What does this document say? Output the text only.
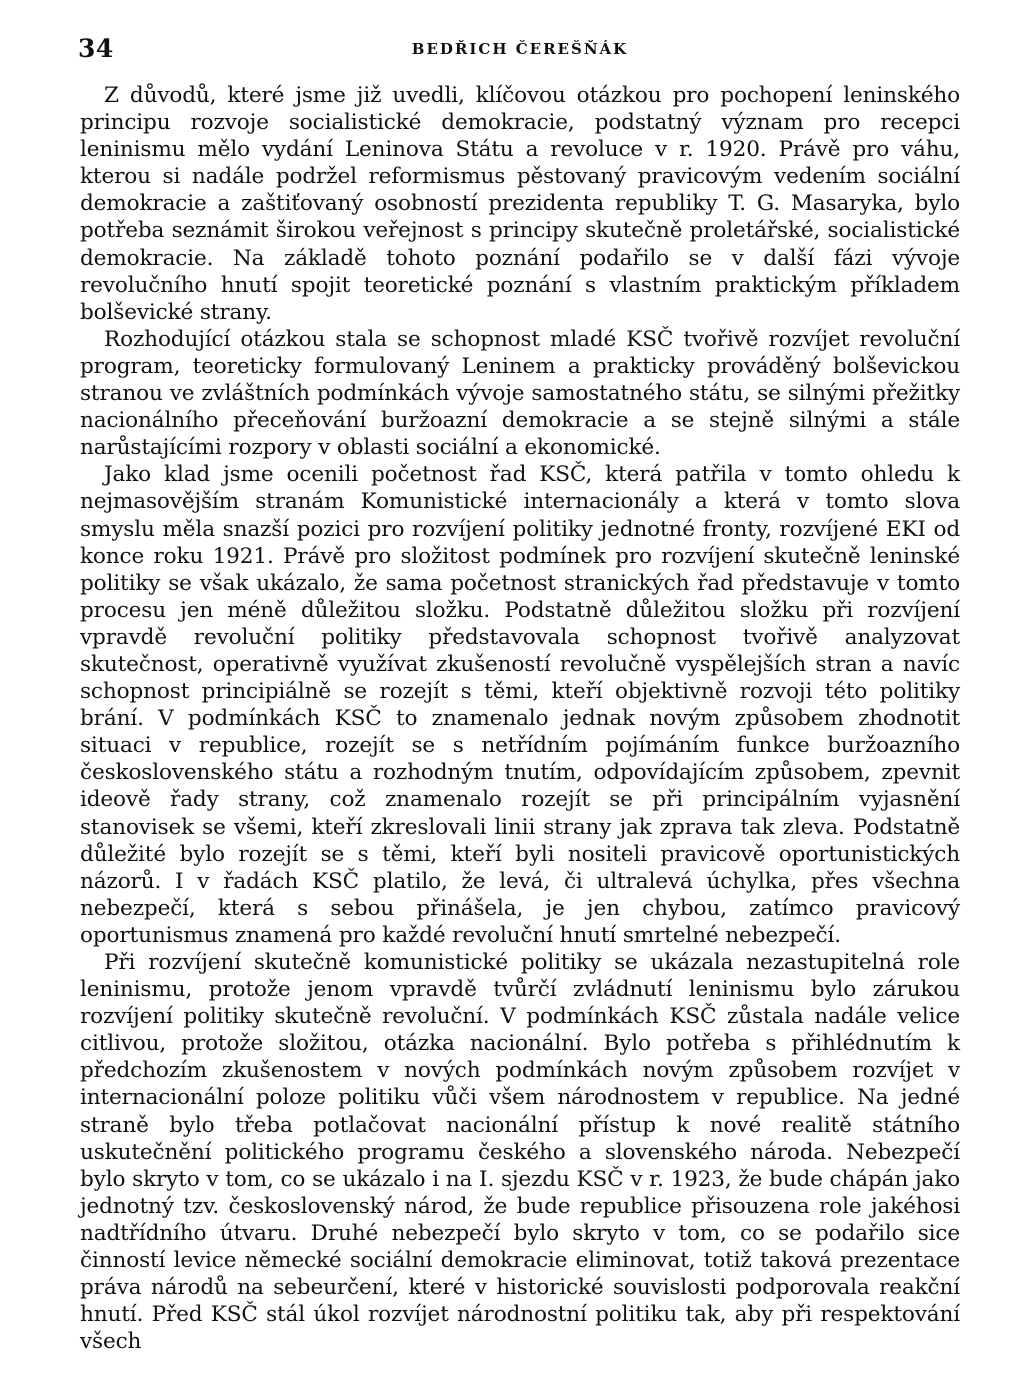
34	BEDŘICH ČEREŠŇÁK

Z důvodů, které jsme již uvedli, klíčovou otázkou pro pochopení leninského principu rozvoje socialistické demokracie, podstatný význam pro recepci leninismu mělo vydání Leninova Státu a revoluce v r. 1920. Právě pro váhu, kterou si nadále podržel reformismus pěstovaný pravicovým vedením sociální demokracie a zaštiťovaný osobností prezidenta republiky T. G. Masaryka, bylo potřeba seznámit širokou veřejnost s principy skutečně proletářské, socialistické demokracie. Na základě tohoto poznání podařilo se v další fázi vývoje revolučního hnutí spojit teoretické poznání s vlastním praktickým příkladem bolševické strany.

Rozhodující otázkou stala se schopnost mladé KSČ tvořivě rozvíjet revoluční program, teoreticky formulovaný Leninem a prakticky prováděný bolševickou stranou ve zvláštních podmínkách vývoje samostatného státu, se silnými přežitky nacionálního přeceňování buržoazní demokracie a se stejně silnými a stále narůstajícími rozpory v oblasti sociální a ekonomické.

Jako klad jsme ocenili početnost řad KSČ, která patřila v tomto ohledu k nejmasovějším stranám Komunistické internacionály a která v tomto slova smyslu měla snazší pozici pro rozvíjení politiky jednotné fronty, rozvíjené EKI od konce roku 1921. Právě pro složitost podmínek pro rozvíjení skutečně leninské politiky se však ukázalo, že sama početnost stranických řad představuje v tomto procesu jen méně důležitou složku. Podstatně důležitou složku při rozvíjení vpravdě revoluční politiky představovala schopnost tvořivě analyzovat skutečnost, operativně využívat zkušeností revolučně vyspělejších stran a navíc schopnost principiálně se rozejít s těmi, kteří objektivně rozvoji této politiky brání. V podmínkách KSČ to znamenalo jednak novým způsobem zhodnotit situaci v republice, rozejít se s netřídním pojímáním funkce buržoazního československého státu a rozhodným tnutím, odpovídajícím způsobem, zpevnit ideově řady strany, což znamenalo rozejít se při principálním vyjasnění stanovisek se všemi, kteří zkreslovali linii strany jak zprava tak zleva. Podstatně důležité bylo rozejít se s těmi, kteří byli nositeli pravicově oportunistických názorů. I v řadách KSČ platilo, že levá, či ultralevá úchylka, přes všechna nebezpečí, která s sebou přinášela, je jen chybou, zatímco pravicový oportunismus znamená pro každé revoluční hnutí smrtelné nebezpečí.

Při rozvíjení skutečně komunistické politiky se ukázala nezastupitelná role leninismu, protože jenom vpravdě tvůrčí zvládnutí leninismu bylo zárukou rozvíjení politiky skutečně revoluční. V podmínkách KSČ zůstala nadále velice citlivou, protože složitou, otázka nacionální. Bylo potřeba s přihlédnutím k předchozím zkušenostem v nových podmínkách novým způsobem rozvíjet v internacionální poloze politiku vůči všem národnostem v republice. Na jedné straně bylo třeba potlačovat nacionální přístup k nové realitě státního uskutečnění politického programu českého a slovenského národa. Nebezpečí bylo skryto v tom, co se ukázalo i na I. sjezdu KSČ v r. 1923, že bude chápán jako jednotný tzv. československý národ, že bude republice přisouzena role jakéhosi nadtřídního útvaru. Druhé nebezpečí bylo skryto v tom, co se podařilo sice činností levice německé sociální demokracie eliminovat, totiž taková prezentace práva národů na sebeurčení, které v historické souvislosti podporovala reakční hnutí. Před KSČ stál úkol rozvíjet národnostní politiku tak, aby při respektování všech
